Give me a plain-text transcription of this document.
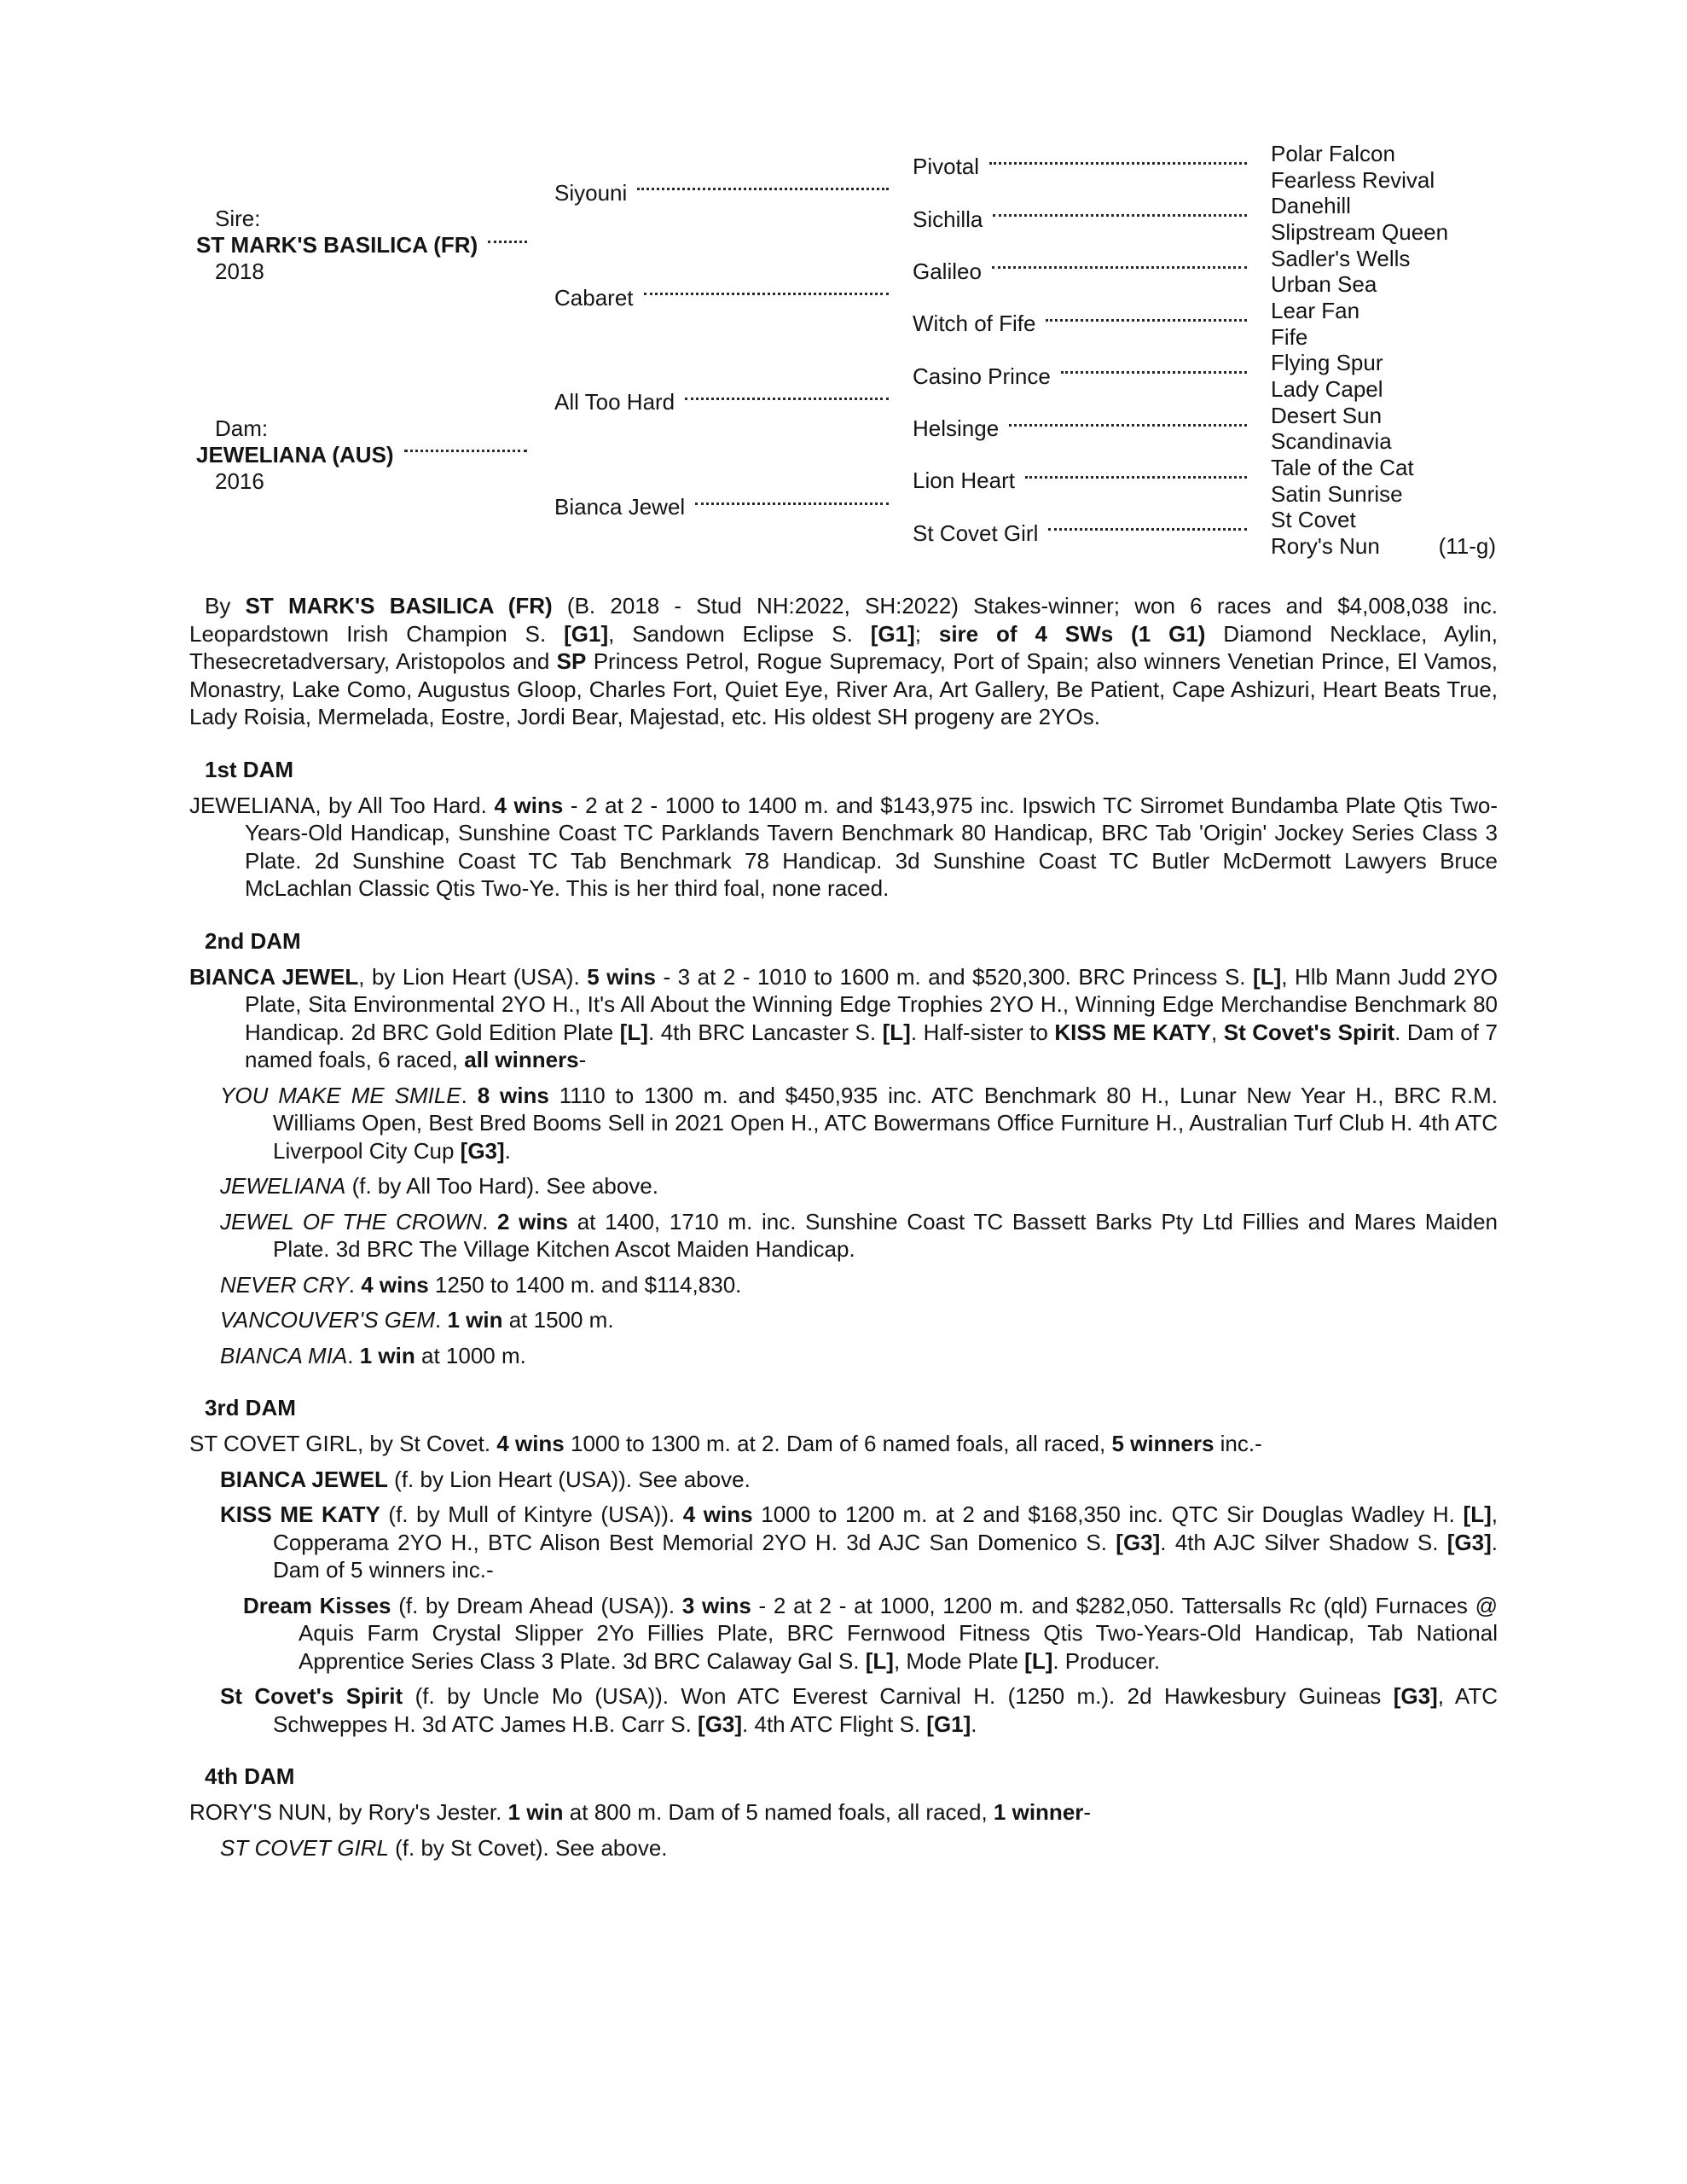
Sire:
ST MARK'S BASILICA (FR)
2018
Dam:
JEWELIANA (AUS)
2016
Siyouni
Cabaret
All Too Hard
Bianca Jewel
Pivotal
Sichilla
Galileo
Witch of Fife
Casino Prince
Helsinge
Lion Heart
St Covet Girl
Polar Falcon
Fearless Revival
Danehill
Slipstream Queen
Sadler's Wells
Urban Sea
Lear Fan
Fife
Flying Spur
Lady Capel
Desert Sun
Scandinavia
Tale of the Cat
Satin Sunrise
St Covet
Rory's Nun	(11-g)
By ST MARK'S BASILICA (FR) (B. 2018 - Stud NH:2022, SH:2022) Stakes-winner; won 6 races and $4,008,038 inc. Leopardstown Irish Champion S. [G1], Sandown Eclipse S. [G1]; sire of 4 SWs (1 G1) Diamond Necklace, Aylin, Thesecretadversary, Aristopolos and SP Princess Petrol, Rogue Supremacy, Port of Spain; also winners Venetian Prince, El Vamos, Monastry, Lake Como, Augustus Gloop, Charles Fort, Quiet Eye, River Ara, Art Gallery, Be Patient, Cape Ashizuri, Heart Beats True, Lady Roisia, Mermelada, Eostre, Jordi Bear, Majestad, etc. His oldest SH progeny are 2YOs.
1st DAM
JEWELIANA, by All Too Hard. 4 wins - 2 at 2 - 1000 to 1400 m. and $143,975 inc. Ipswich TC Sirromet Bundamba Plate Qtis Two-Years-Old Handicap, Sunshine Coast TC Parklands Tavern Benchmark 80 Handicap, BRC Tab 'Origin' Jockey Series Class 3 Plate. 2d Sunshine Coast TC Tab Benchmark 78 Handicap. 3d Sunshine Coast TC Butler McDermott Lawyers Bruce McLachlan Classic Qtis Two-Ye. This is her third foal, none raced.
2nd DAM
BIANCA JEWEL, by Lion Heart (USA). 5 wins - 3 at 2 - 1010 to 1600 m. and $520,300. BRC Princess S. [L], Hlb Mann Judd 2YO Plate, Sita Environmental 2YO H., It's All About the Winning Edge Trophies 2YO H., Winning Edge Merchandise Benchmark 80 Handicap. 2d BRC Gold Edition Plate [L]. 4th BRC Lancaster S. [L]. Half-sister to KISS ME KATY, St Covet's Spirit. Dam of 7 named foals, 6 raced, all winners-
YOU MAKE ME SMILE. 8 wins 1110 to 1300 m. and $450,935 inc. ATC Benchmark 80 H., Lunar New Year H., BRC R.M. Williams Open, Best Bred Booms Sell in 2021 Open H., ATC Bowermans Office Furniture H., Australian Turf Club H. 4th ATC Liverpool City Cup [G3].
JEWELIANA (f. by All Too Hard). See above.
JEWEL OF THE CROWN. 2 wins at 1400, 1710 m. inc. Sunshine Coast TC Bassett Barks Pty Ltd Fillies and Mares Maiden Plate. 3d BRC The Village Kitchen Ascot Maiden Handicap.
NEVER CRY. 4 wins 1250 to 1400 m. and $114,830.
VANCOUVER'S GEM. 1 win at 1500 m.
BIANCA MIA. 1 win at 1000 m.
3rd DAM
ST COVET GIRL, by St Covet. 4 wins 1000 to 1300 m. at 2. Dam of 6 named foals, all raced, 5 winners inc.-
BIANCA JEWEL (f. by Lion Heart (USA)). See above.
KISS ME KATY (f. by Mull of Kintyre (USA)). 4 wins 1000 to 1200 m. at 2 and $168,350 inc. QTC Sir Douglas Wadley H. [L], Copperama 2YO H., BTC Alison Best Memorial 2YO H. 3d AJC San Domenico S. [G3]. 4th AJC Silver Shadow S. [G3]. Dam of 5 winners inc.-
Dream Kisses (f. by Dream Ahead (USA)). 3 wins - 2 at 2 - at 1000, 1200 m. and $282,050. Tattersalls Rc (qld) Furnaces @ Aquis Farm Crystal Slipper 2Yo Fillies Plate, BRC Fernwood Fitness Qtis Two-Years-Old Handicap, Tab National Apprentice Series Class 3 Plate. 3d BRC Calaway Gal S. [L], Mode Plate [L]. Producer.
St Covet's Spirit (f. by Uncle Mo (USA)). Won ATC Everest Carnival H. (1250 m.). 2d Hawkesbury Guineas [G3], ATC Schweppes H. 3d ATC James H.B. Carr S. [G3]. 4th ATC Flight S. [G1].
4th DAM
RORY'S NUN, by Rory's Jester. 1 win at 800 m. Dam of 5 named foals, all raced, 1 winner-
ST COVET GIRL (f. by St Covet). See above.
